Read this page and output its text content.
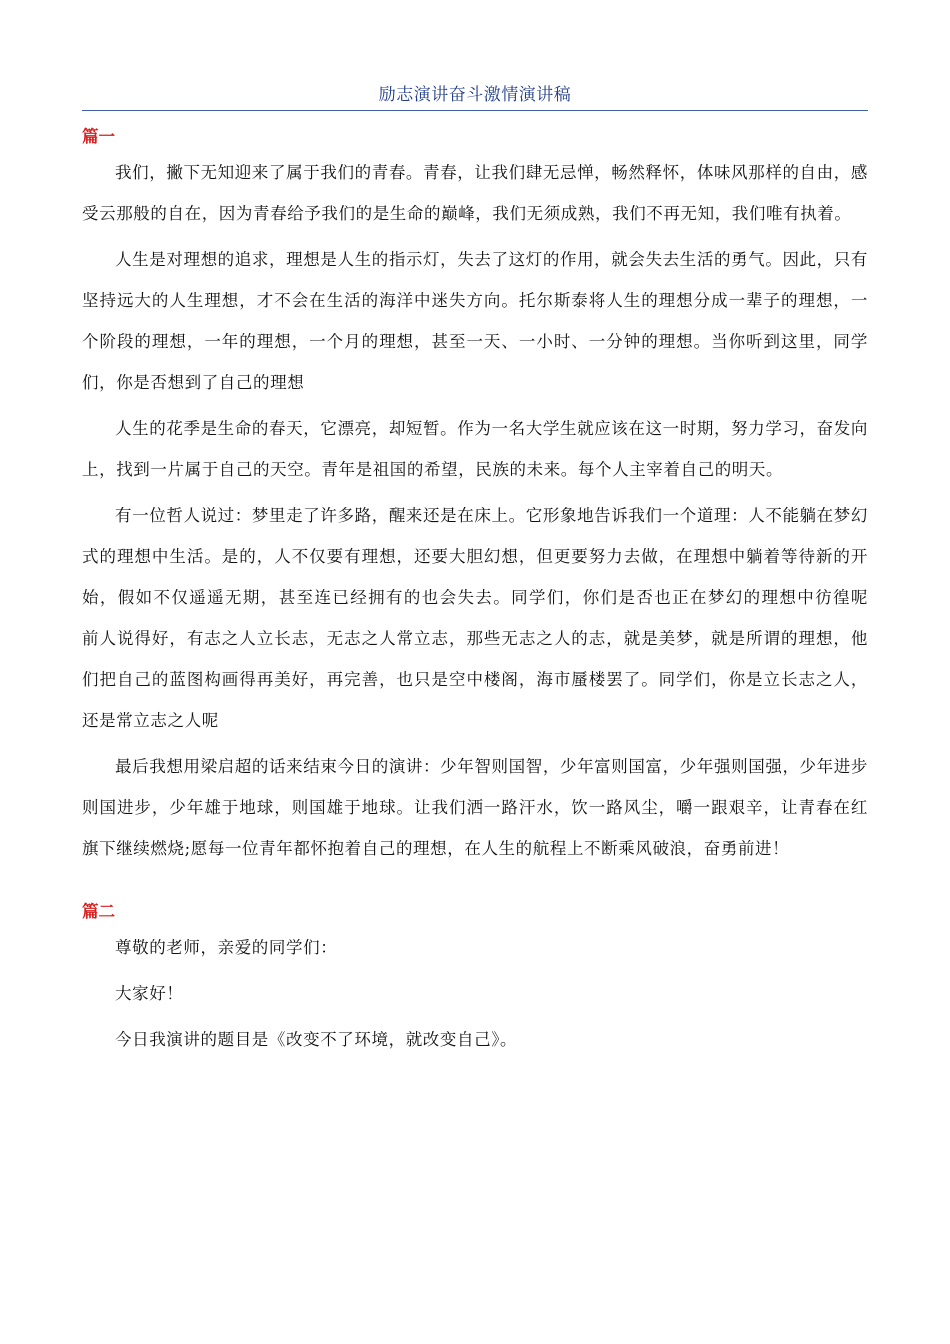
励志演讲奋斗激情演讲稿
篇一

我们，撇下无知迎来了属于我们的青春。青春，让我们肆无忌惮，畅然释怀，体味风那样的自由，感受云那般的自在，因为青春给予我们的是生命的巅峰，我们无须成熟，我们不再无知，我们唯有执着。

人生是对理想的追求，理想是人生的指示灯，失去了这灯的作用，就会失去生活的勇气。因此，只有坚持远大的人生理想，才不会在生活的海洋中迷失方向。托尔斯泰将人生的理想分成一辈子的理想，一个阶段的理想，一年的理想，一个月的理想，甚至一天、一小时、一分钟的理想。当你听到这里，同学们，你是否想到了自己的理想

人生的花季是生命的春天，它漂亮，却短暂。作为一名大学生就应该在这一时期，努力学习，奋发向上，找到一片属于自己的天空。青年是祖国的希望，民族的未来。每个人主宰着自己的明天。

有一位哲人说过：梦里走了许多路，醒来还是在床上。它形象地告诉我们一个道理：人不能躺在梦幻式的理想中生活。是的，人不仅要有理想，还要大胆幻想，但更要努力去做，在理想中躺着等待新的开始，假如不仅遥遥无期，甚至连已经拥有的也会失去。同学们，你们是否也正在梦幻的理想中彷徨呢　　前人说得好，有志之人立长志，无志之人常立志，那些无志之人的志，就是美梦，就是所谓的理想，他们把自己的蓝图构画得再美好，再完善，也只是空中楼阁，海市蜃楼罢了。同学们，你是立长志之人，还是常立志之人呢

最后我想用梁启超的话来结束今日的演讲：少年智则国智，少年富则国富，少年强则国强，少年进步则国进步，少年雄于地球，则国雄于地球。让我们洒一路汗水，饮一路风尘，嚼一跟艰辛，让青春在红旗下继续燃烧;愿每一位青年都怀抱着自己的理想，在人生的航程上不断乘风破浪，奋勇前进！

篇二

尊敬的老师，亲爱的同学们：

大家好！

今日我演讲的题目是《改变不了环境，就改变自己》。
